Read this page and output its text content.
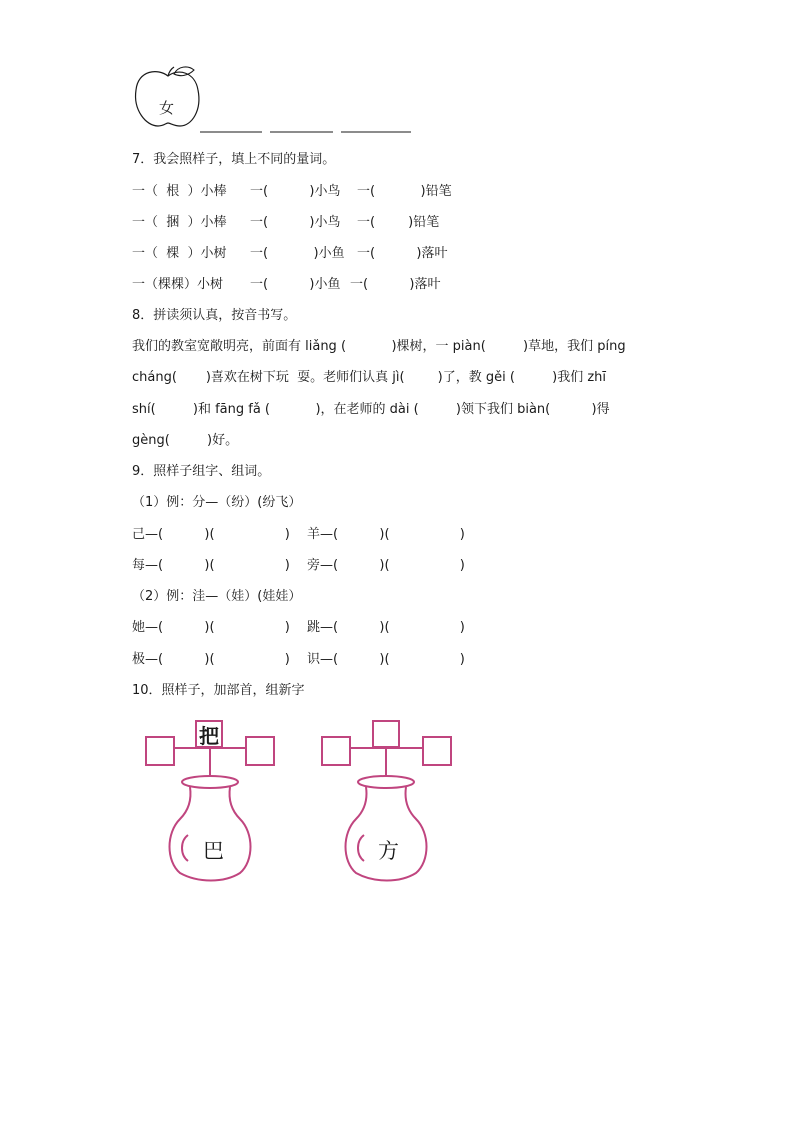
女
7．我会照样子，填上不同的量词。
一（  根  ）小棒 一(          )小鸟 一(           )铅笔
一（  捆  ）小棒 一(          )小鸟 一(        )铅笔
一（  棵  ）小树 一(           )小鱼 一(          )落叶
一（棵棵）小树 一(          )小鱼 一(          )落叶
8．拼读须认真，按音书写。
我们的教室宽敞明亮，前面有 liǎng (           )棵树，一 piàn(         )草地，我们 píng
cháng(       )喜欢在树下玩  耍。老师们认真 jì(        )了，教 gěi (         )我们 zhī
shí(         )和 fāng fǎ (           )，在老师的 dài (         )领下我们 biàn(          )得
gèng(         )好。
9．照样子组字、组词。
（1）例：分—（纷）(纷飞）
己—(          )(                 ) 羊—(          )(                 )
每—(          )(                 ) 旁—(          )(                 )
（2）例：洼—（娃）(娃娃）
她—(          )(                 ) 跳—(          )(                 )
极—(          )(                 ) 识—(          )(                 )
10．照样子，加部首，组新字
把
巴	方
